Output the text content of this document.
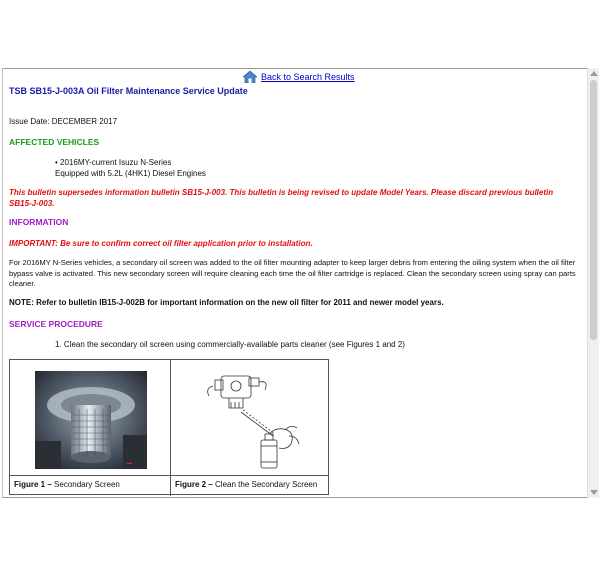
Back to Search Results
TSB SB15-J-003A Oil Filter Maintenance Service Update
Issue Date: DECEMBER 2017
AFFECTED VEHICLES
• 2016MY-current Isuzu N-Series
Equipped with 5.2L (4HK1) Diesel Engines
This bulletin supersedes information bulletin SB15-J-003. This bulletin is being revised to update Model Years. Please discard previous bulletin SB15-J-003.
INFORMATION
IMPORTANT: Be sure to confirm correct oil filter application prior to installation.
For 2016MY N-Series vehicles, a secondary oil screen was added to the oil filter mounting adapter to keep larger debris from entering the oiling system when the oil filter bypass valve is activated. This new secondary screen will require cleaning each time the oil filter cartridge is replaced. Clean the secondary screen using spray can parts cleaner.
NOTE: Refer to bulletin IB15-J-002B for important information on the new oil filter for 2011 and newer model years.
SERVICE PROCEDURE
1. Clean the secondary oil screen using commercially-available parts cleaner (see Figures 1 and 2)
▪▪▪
Figure 1 – Secondary Screen	Figure 2 – Clean the Secondary Screen
